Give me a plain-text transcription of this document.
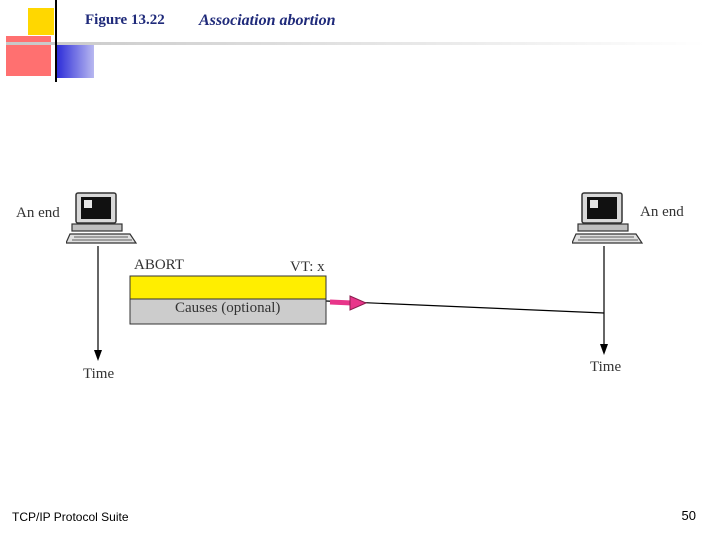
Figure 13.22 Association abortion
An end	An end
ABORT	VT: x
Causes (optional)
Time	Time
TCP/IP Protocol Suite	50
